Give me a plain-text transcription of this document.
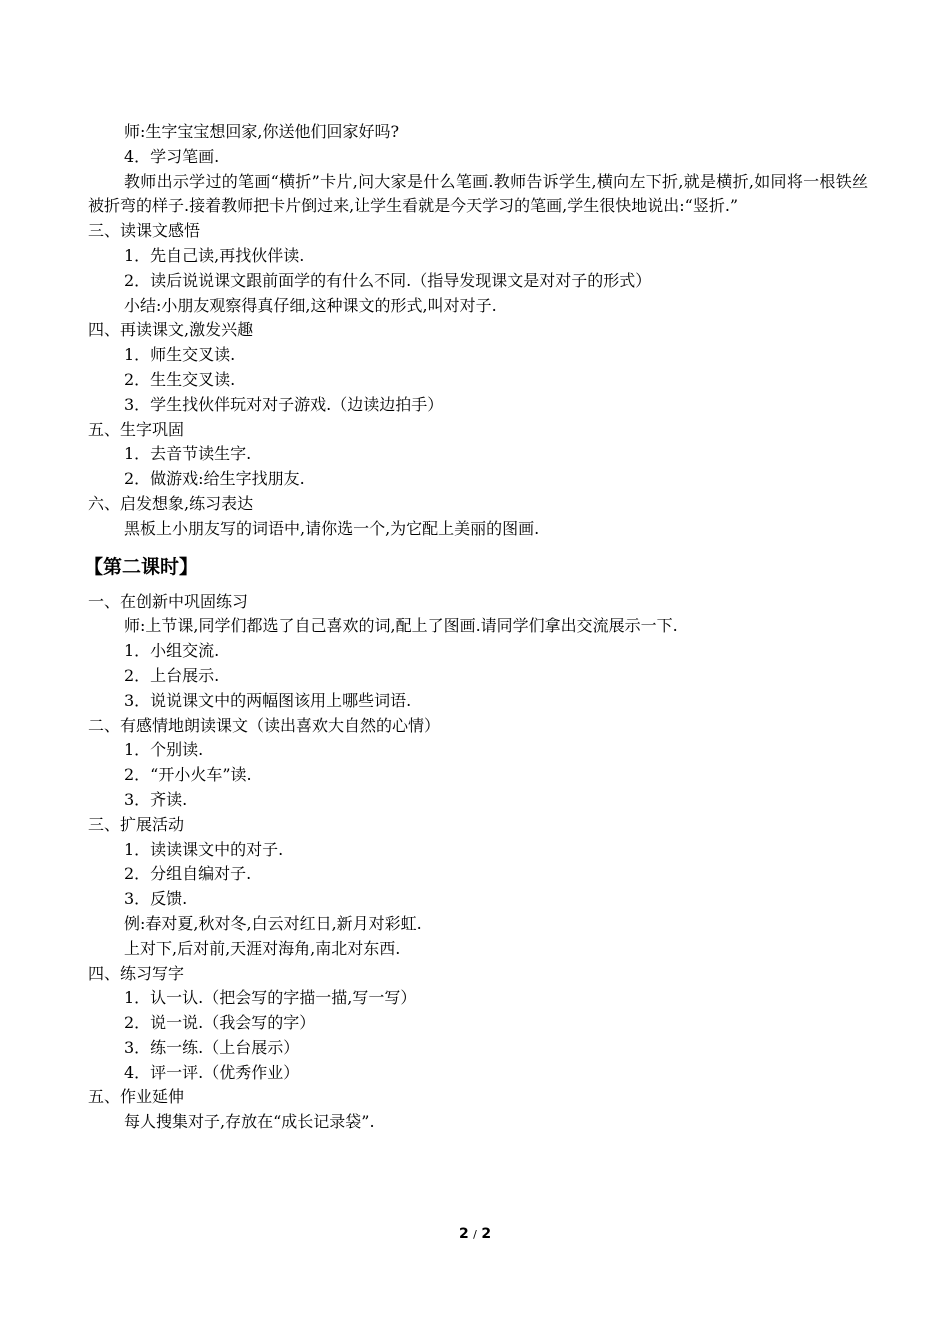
师:生字宝宝想回家,你送他们回家好吗?
4．学习笔画.
教师出示学过的笔画“横折”卡片,问大家是什么笔画.教师告诉学生,横向左下折,就是横折,如同将一根铁丝被折弯的样子.接着教师把卡片倒过来,让学生看就是今天学习的笔画,学生很快地说出:“竖折.”
三、读课文感悟
1．先自己读,再找伙伴读.
2．读后说说课文跟前面学的有什么不同.（指导发现课文是对对子的形式）
小结:小朋友观察得真仔细,这种课文的形式,叫对对子.
四、再读课文,激发兴趣
1．师生交叉读.
2．生生交叉读.
3．学生找伙伴玩对对子游戏.（边读边拍手）
五、生字巩固
1．去音节读生字.
2．做游戏:给生字找朋友.
六、启发想象,练习表达
黑板上小朋友写的词语中,请你选一个,为它配上美丽的图画.
【第二课时】
一、在创新中巩固练习
师:上节课,同学们都选了自己喜欢的词,配上了图画.请同学们拿出交流展示一下.
1．小组交流.
2．上台展示.
3．说说课文中的两幅图该用上哪些词语.
二、有感情地朗读课文（读出喜欢大自然的心情）
1．个别读.
2．“开小火车”读.
3．齐读.
三、扩展活动
1．读读课文中的对子.
2．分组自编对子.
3．反馈.
例:春对夏,秋对冬,白云对红日,新月对彩虹.
上对下,后对前,天涯对海角,南北对东西.
四、练习写字
1．认一认.（把会写的字描一描,写一写）
2．说一说.（我会写的字）
3．练一练.（上台展示）
4．评一评.（优秀作业）
五、作业延伸
每人搜集对子,存放在“成长记录袋”.
2 / 2
